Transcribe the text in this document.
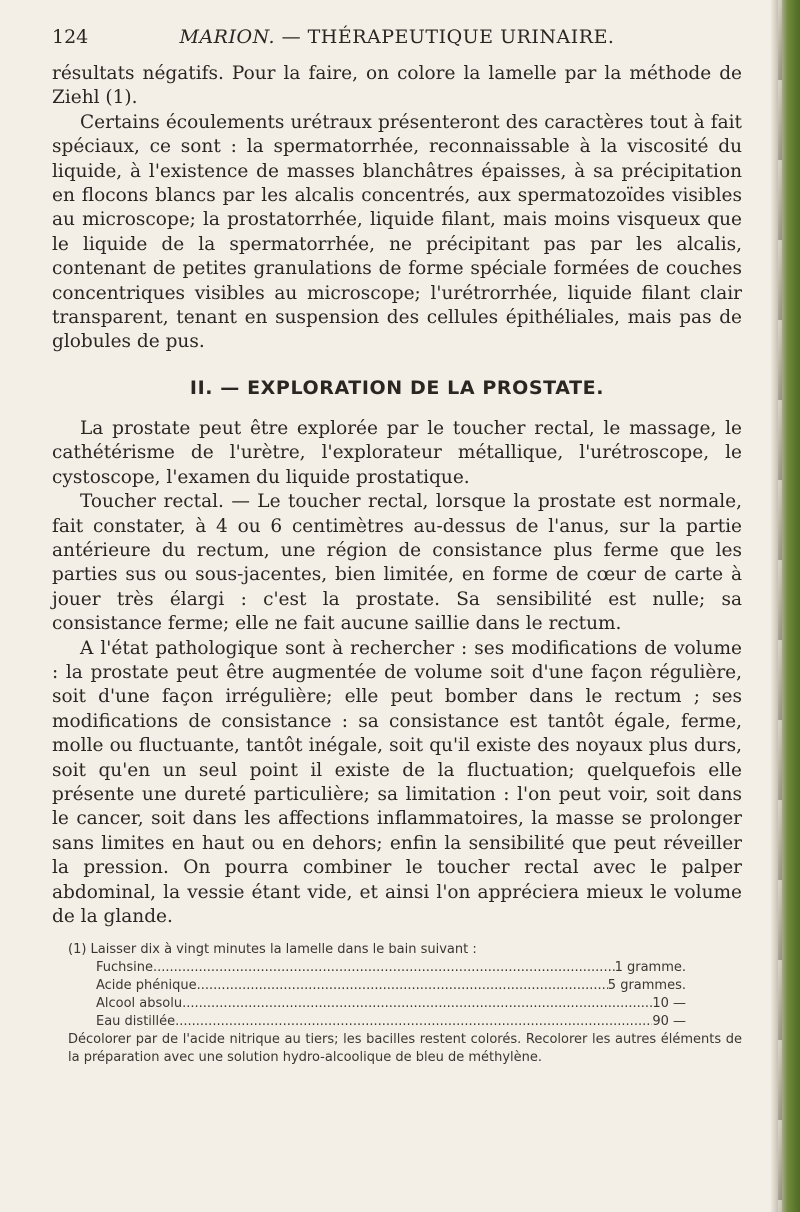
124	MARION. — THÉRAPEUTIQUE URINAIRE.

résultats négatifs. Pour la faire, on colore la lamelle par la méthode de Ziehl (1).

Certains écoulements urétraux présenteront des caractères tout à fait spéciaux, ce sont : la spermatorrhée, reconnaissable à la viscosité du liquide, à l'existence de masses blanchâtres épaisses, à sa précipitation en flocons blancs par les alcalis concentrés, aux spermatozoïdes visibles au microscope; la prostatorrhée, liquide filant, mais moins visqueux que le liquide de la spermatorrhée, ne précipitant pas par les alcalis, contenant de petites granulations de forme spéciale formées de couches concentriques visibles au microscope; l'urétrorrhée, liquide filant clair transparent, tenant en suspension des cellules épithéliales, mais pas de globules de pus.

II. — EXPLORATION DE LA PROSTATE.

La prostate peut être explorée par le toucher rectal, le massage, le cathétérisme de l'urètre, l'explorateur métallique, l'urétroscope, le cystoscope, l'examen du liquide prostatique.

Toucher rectal. — Le toucher rectal, lorsque la prostate est normale, fait constater, à 4 ou 6 centimètres au-dessus de l'anus, sur la partie antérieure du rectum, une région de consistance plus ferme que les parties sus ou sous-jacentes, bien limitée, en forme de cœur de carte à jouer très élargi : c'est la prostate. Sa sensibilité est nulle; sa consistance ferme; elle ne fait aucune saillie dans le rectum.

A l'état pathologique sont à rechercher : ses modifications de volume : la prostate peut être augmentée de volume soit d'une façon régulière, soit d'une façon irrégulière; elle peut bomber dans le rectum ; ses modifications de consistance : sa consistance est tantôt égale, ferme, molle ou fluctuante, tantôt inégale, soit qu'il existe des noyaux plus durs, soit qu'en un seul point il existe de la fluctuation; quelquefois elle présente une dureté particulière; sa limitation : l'on peut voir, soit dans le cancer, soit dans les affections inflammatoires, la masse se prolonger sans limites en haut ou en dehors; enfin la sensibilité que peut réveiller la pression. On pourra combiner le toucher rectal avec le palper abdominal, la vessie étant vide, et ainsi l'on appréciera mieux le volume de la glande.

(1) Laisser dix à vingt minutes la lamelle dans le bain suivant :
Fuchsine .....	1 gramme.
Acide phénique .....	5 grammes.
Alcool absolu .....	10 —
Eau distillée .....	90 —
Décolorer par de l'acide nitrique au tiers; les bacilles restent colorés. Recolorer les autres éléments de la préparation avec une solution hydro-alcoolique de bleu de méthylène.
